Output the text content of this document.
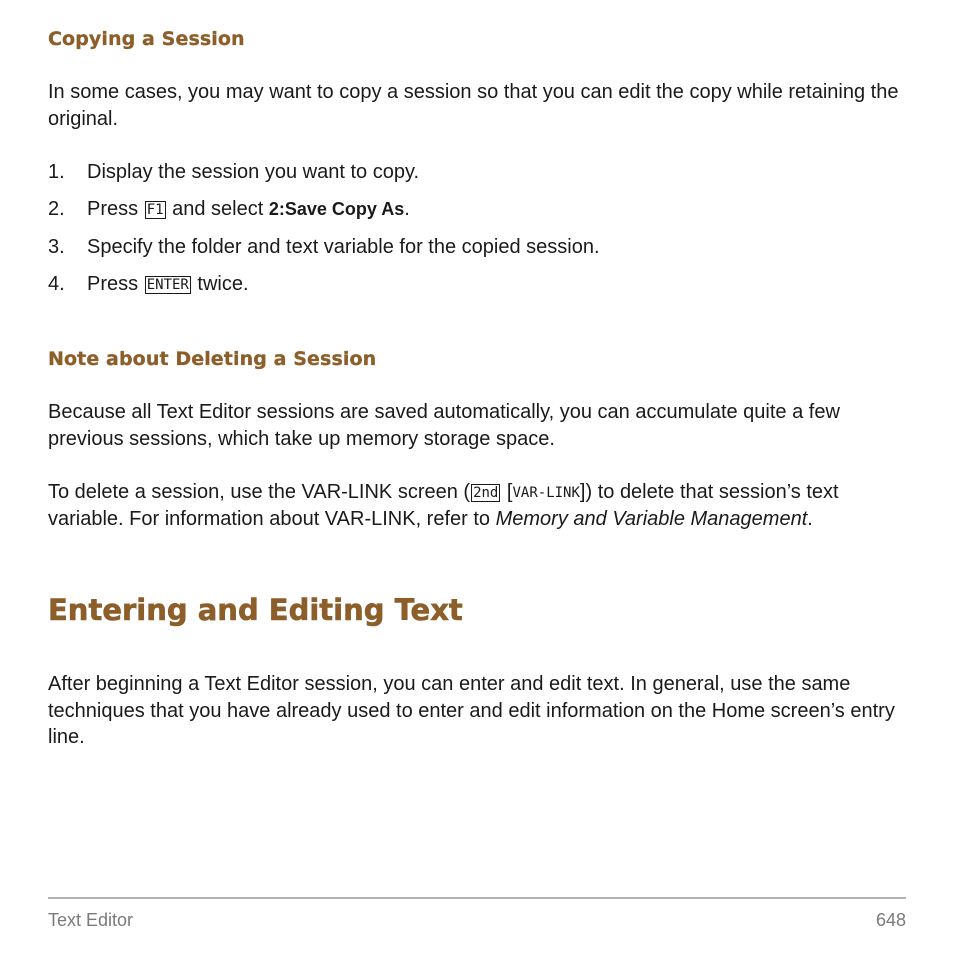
Copying a Session

In some cases, you may want to copy a session so that you can edit the copy while retaining the original.

1. Display the session you want to copy.
2. Press F1 and select 2:Save Copy As.
3. Specify the folder and text variable for the copied session.
4. Press ENTER twice.
Note about Deleting a Session

Because all Text Editor sessions are saved automatically, you can accumulate quite a few previous sessions, which take up memory storage space.

To delete a session, use the VAR-LINK screen ( 2nd [VAR-LINK]) to delete that session’s text variable. For information about VAR-LINK, refer to Memory and Variable Management.

Entering and Editing Text

After beginning a Text Editor session, you can enter and edit text. In general, use the same techniques that you have already used to enter and edit information on the Home screen’s entry line.

Text Editor	648
